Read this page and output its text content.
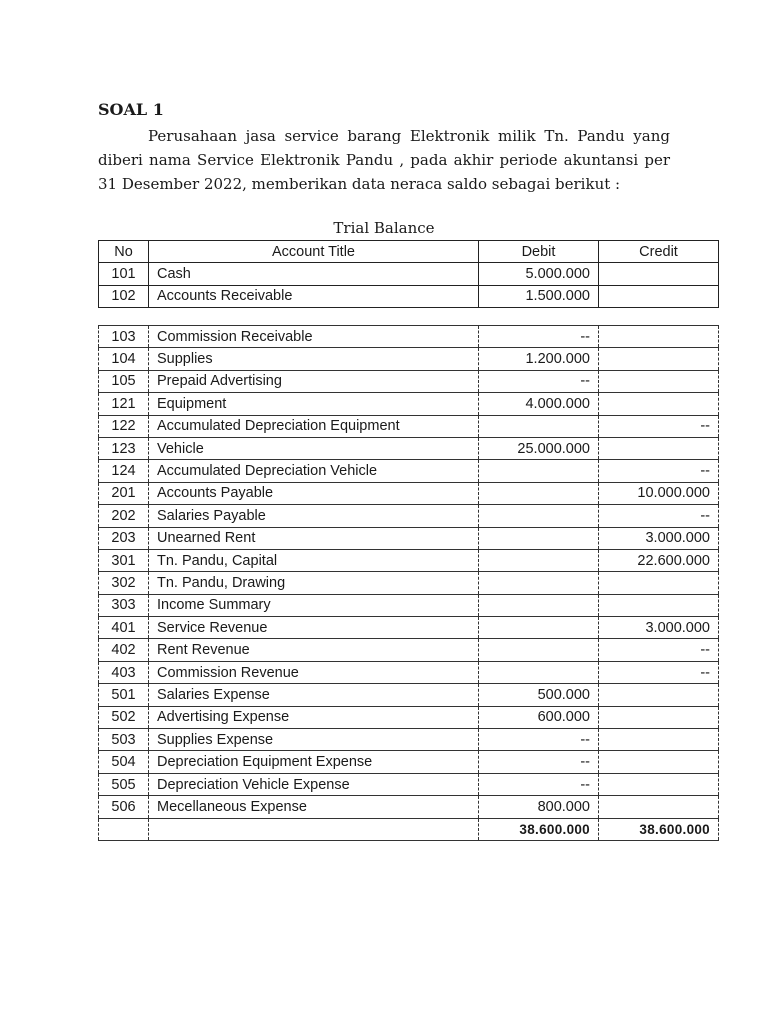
SOAL 1

Perusahaan jasa service barang Elektronik milik Tn. Pandu yang
diberi nama Service Elektronik Pandu , pada akhir periode akuntansi per
31 Desember 2022, memberikan data neraca saldo sebagai berikut :

Trial Balance
No	Account Title	Debit	Credit
101	Cash	5.000.000	
102	Accounts Receivable	1.500.000	
103	Commission Receivable	--	
104	Supplies	1.200.000	
105	Prepaid Advertising	--	
121	Equipment	4.000.000	
122	Accumulated Depreciation Equipment		--
123	Vehicle	25.000.000	
124	Accumulated Depreciation Vehicle		--
201	Accounts Payable		10.000.000
202	Salaries Payable		--
203	Unearned Rent		3.000.000
301	Tn. Pandu, Capital		22.600.000
302	Tn. Pandu, Drawing		
303	Income Summary		
401	Service Revenue		3.000.000
402	Rent Revenue		--
403	Commission Revenue		--
501	Salaries Expense	500.000	
502	Advertising Expense	600.000	
503	Supplies Expense	--	
504	Depreciation Equipment Expense	--	
505	Depreciation Vehicle Expense	--	
506	Mecellaneous Expense	800.000	
		38.600.000	38.600.000
